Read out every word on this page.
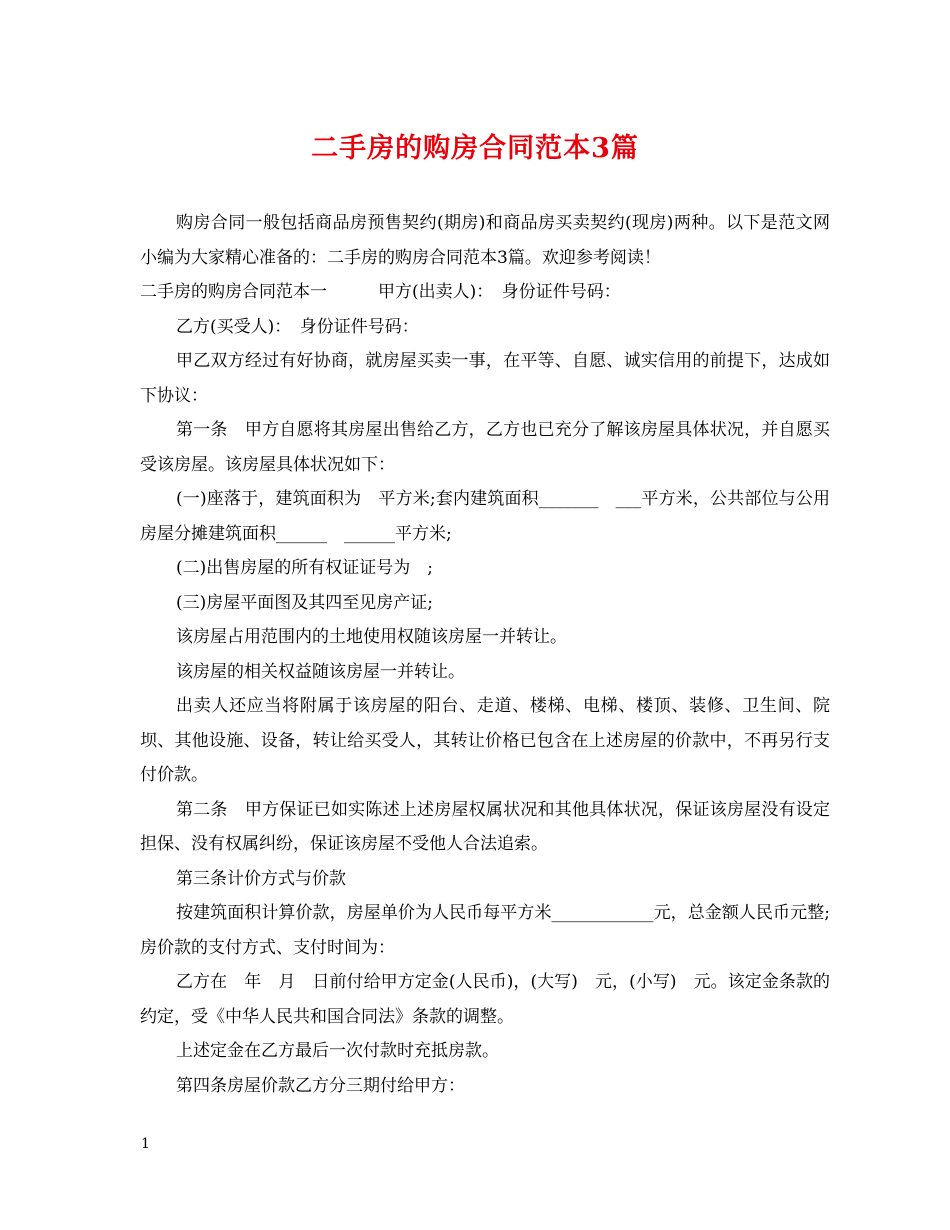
二手房的购房合同范本3篇

购房合同一般包括商品房预售契约(期房)和商品房买卖契约(现房)两种。以下是范文网小编为大家精心准备的：二手房的购房合同范本3篇。欢迎参考阅读！

二手房的购房合同范本一　　　甲方(出卖人)：　身份证件号码：

乙方(买受人)：　身份证件号码：

甲乙双方经过有好协商，就房屋买卖一事，在平等、自愿、诚实信用的前提下，达成如下协议：

第一条　甲方自愿将其房屋出售给乙方，乙方也已充分了解该房屋具体状况，并自愿买受该房屋。该房屋具体状况如下：

(一)座落于，建筑面积为　平方米;套内建筑面积_______　___平方米，公共部位与公用房屋分摊建筑面积______　______平方米;

(二)出售房屋的所有权证证号为　;

(三)房屋平面图及其四至见房产证;

该房屋占用范围内的土地使用权随该房屋一并转让。

该房屋的相关权益随该房屋一并转让。

出卖人还应当将附属于该房屋的阳台、走道、楼梯、电梯、楼顶、装修、卫生间、院坝、其他设施、设备，转让给买受人，其转让价格已包含在上述房屋的价款中，不再另行支付价款。

第二条　甲方保证已如实陈述上述房屋权属状况和其他具体状况，保证该房屋没有设定担保、没有权属纠纷，保证该房屋不受他人合法追索。

第三条计价方式与价款

按建筑面积计算价款，房屋单价为人民币每平方米____________元，总金额人民币元整;房价款的支付方式、支付时间为：

乙方在　年　月　日前付给甲方定金(人民币)，(大写)　元，(小写)　元。该定金条款的约定，受《中华人民共和国合同法》条款的调整。

上述定金在乙方最后一次付款时充抵房款。

第四条房屋价款乙方分三期付给甲方：

1
